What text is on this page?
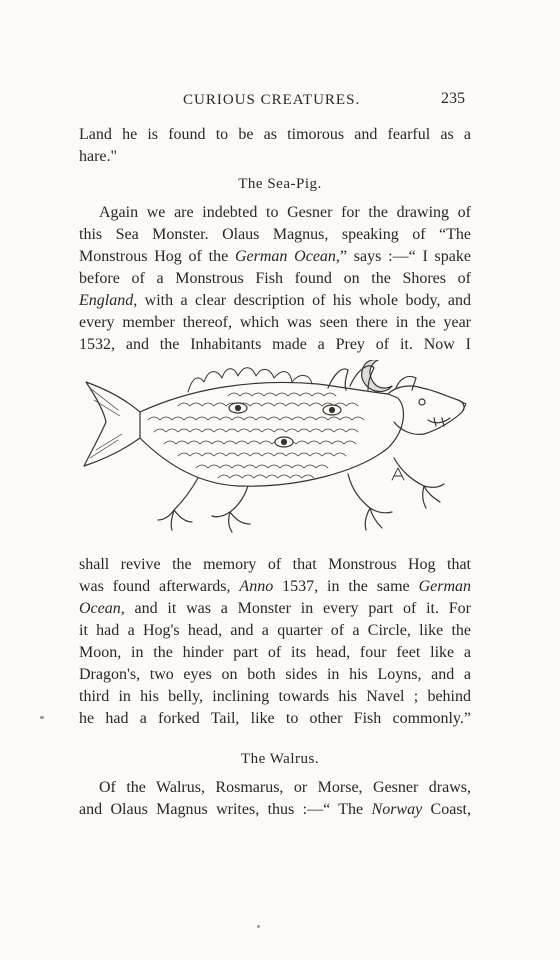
CURIOUS CREATURES.	235
Land he is found to be as timorous and fearful as a
hare."
The Sea-Pig.
Again we are indebted to Gesner for the drawing of
this Sea Monster. Olaus Magnus, speaking of “The
Monstrous Hog of the German Ocean,” says :—“ I spake
before of a Monstrous Fish found on the Shores of
England, with a clear description of his whole body, and
every member thereof, which was seen there in the year
1532, and the Inhabitants made a Prey of it. Now I
shall revive the memory of that Monstrous Hog that
was found afterwards, Anno 1537, in the same German
Ocean, and it was a Monster in every part of it. For
it had a Hog's head, and a quarter of a Circle, like the
Moon, in the hinder part of its head, four feet like a
Dragon's, two eyes on both sides in his Loyns, and a
third in his belly, inclining towards his Navel ; behind
he had a forked Tail, like to other Fish commonly.”
The Walrus.
Of the Walrus, Rosmarus, or Morse, Gesner draws,
and Olaus Magnus writes, thus :—“ The Norway Coast,
